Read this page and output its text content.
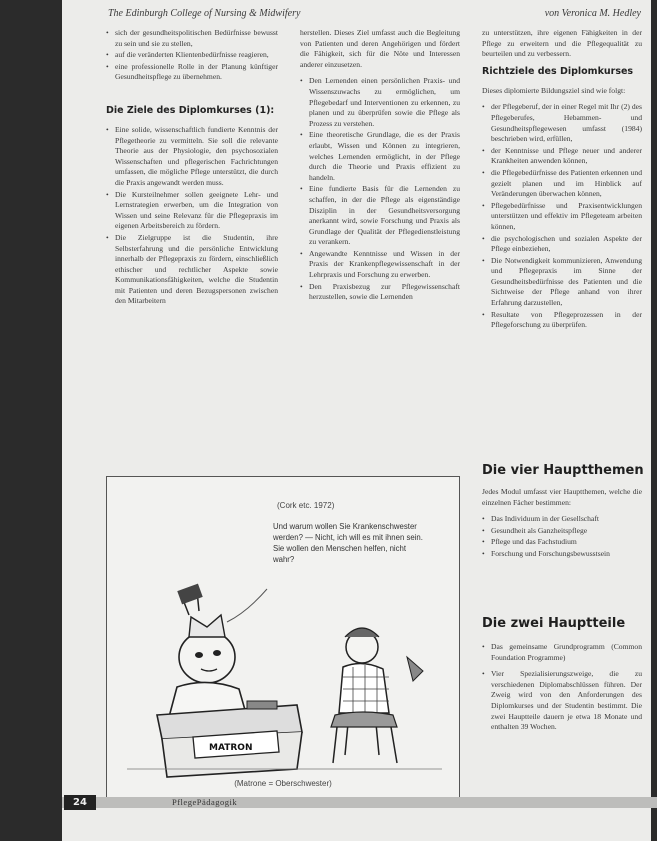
The Edinburgh College of Nursing & Midwifery	von Veronica M. Hedley
• sich der gesundheitspolitischen Bedürfnisse bewusst zu sein und sie zu stellen,
• auf die veränderten Klientenbedürfnisse reagieren,
• eine professionelle Rolle in der Planung künftiger Gesundheitspflege zu übernehmen.
Die Ziele des Diplomkurses (1):
• Eine solide, wissenschaftlich fundierte Kenntnis der Pflegetheorie zu vermitteln. Sie soll die relevante Theorie aus der Physiologie, den psychosozialen Wissenschaften und pflegerischen Fachrichtungen umfassen, die mögliche Pflege unterstützt, die durch die Praxis angewandt werden muss.
• Die Kursteilnehmer sollen geeignete Lehr- und Lernstrategien erwerben, um die Integration von Wissen und seine Relevanz für die Pflegepraxis im eigenen Arbeitsbereich zu fördern.
• Die Zielgruppe ist die Studentin, ihre Selbsterfahrung und die persönliche Entwicklung innerhalb der Pflegepraxis zu fördern, einschließlich ethischer und rechtlicher Aspekte sowie Kommunikationsfähigkeiten, welche die Studentin mit Patienten und deren Bezugspersonen zwischen den Mitarbeitern

herstellen. Dieses Ziel umfasst auch die Begleitung von Patienten und deren Angehörigen und fördert die Fähigkeit, sich für die Nöte und Interessen anderer einzusetzen.

• Den Lernenden einen persönlichen Praxis- und Wissenszuwachs zu ermöglichen, um Pflegebedarf und Interventionen zu erkennen, zu planen und zu überprüfen sowie die Pflege als Prozess zu verstehen.
• Eine theoretische Grundlage, die es der Praxis erlaubt, Wissen und Können zu integrieren, welches Lernenden ermöglicht, in der Pflege durch die Theorie und Praxis effizient zu handeln.
• Eine fundierte Basis für die Lernenden zu schaffen, in der die Pflege als eigenständige Disziplin in der Gesundheitsversorgung anerkannt wird, sowie Forschung und Praxis als Grundlage der Qualität der Pflegedienstleistung zu verankern.
• Angewandte Kenntnisse und Wissen in der Praxis der Krankenpflegewissenschaft in der Lehrpraxis und Forschung zu erwerben.
• Den Praxisbezug zur Pflegewissenschaft herzustellen, sowie die Lernenden

zu unterstützen, ihre eigenen Fähigkeiten in der Pflege zu erweitern und die Pflegequalität zu beurteilen und zu verbessern.

Richtziele des Diplomkurses

Dieses diplomierte Bildungsziel sind wie folgt:

• der Pflegeberuf, der in einer Regel mit Ihr (2) des Pflegeberufes, Hebammen- und Gesundheitspflegewesen umfasst (1984) beschrieben wird, erfüllen,
• der Kenntnisse und Pflege neuer und anderer Krankheiten anwenden können,
• die Pflegebedürfnisse des Patienten erkennen und gezielt planen und im Hinblick auf Veränderungen überwachen können,
• Pflegebedürfnisse und Praxisentwicklungen unterstützen und effektiv im Pflegeteam arbeiten können,
• die psychologischen und sozialen Aspekte der Pflege einbeziehen,
• Die Notwendigkeit kommunizieren, Anwendung und Pflegepraxis im Sinne der Gesundheitsbedürfnisse des Patienten und die Sichtweise der Pflege anhand von ihrer Erfahrung darzustellen,
• Resultate von Pflegeprozessen in der Pflegeforschung zu überprüfen.
Die vier Hauptthemen

Jedes Modul umfasst vier Hauptthemen, welche die einzelnen Fächer bestimmen:

• Das Individuum in der Gesellschaft
• Gesundheit als Ganzheitspflege
• Pflege und das Fachstudium
• Forschung und Forschungsbewusstsein
Die zwei Hauptteile
• Das gemeinsame Grundprogramm (Common Foundation Programme)
• Vier Spezialisierungszweige, die zu verschiedenen Diplomabschlüssen führen. Der Zweig wird von den Anforderungen des Diplomkurses und der Studentin bestimmt. Die zwei Hauptteile dauern je etwa 18 Monate und enthalten 39 Wochen.
MATRON
(Cork etc. 1972)
Und warum wollen Sie Krankenschwester werden? — Nicht, ich will es mit ihnen sein. Sie wollen den Menschen helfen, nicht wahr?
(Matrone = Oberschwester)
24	PflegePädagogik
